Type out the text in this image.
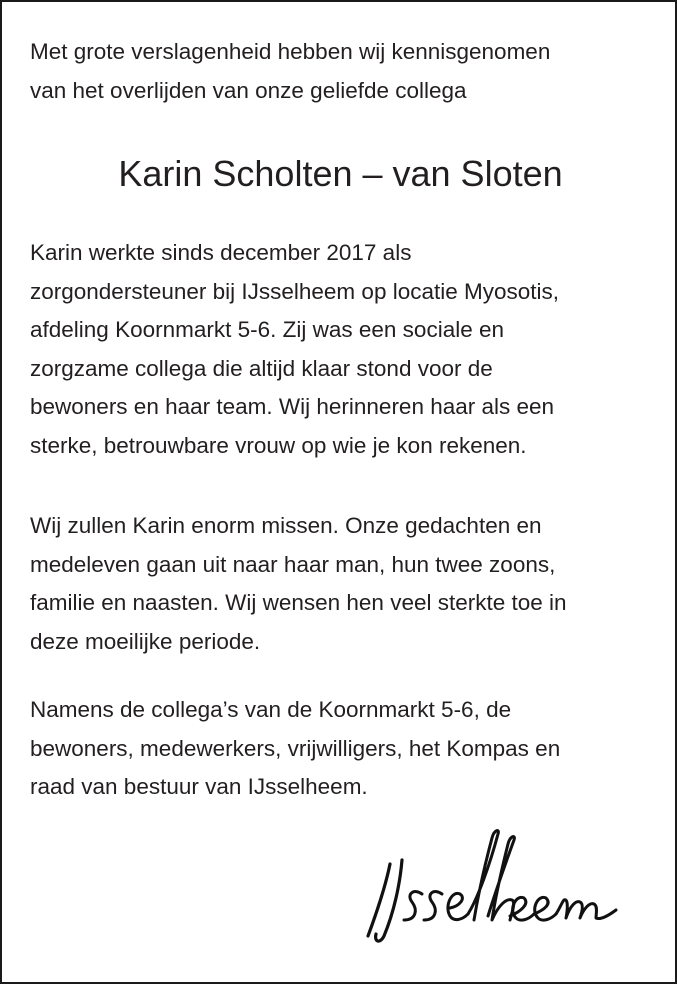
Met grote verslagenheid hebben wij kennisgenomen
van het overlijden van onze geliefde collega

Karin Scholten – van Sloten

Karin werkte sinds december 2017 als
zorgondersteuner bij IJsselheem op locatie Myosotis,
afdeling Koornmarkt 5-6. Zij was een sociale en
zorgzame collega die altijd klaar stond voor de
bewoners en haar team. Wij herinneren haar als een
sterke, betrouwbare vrouw op wie je kon rekenen.

Wij zullen Karin enorm missen. Onze gedachten en
medeleven gaan uit naar haar man, hun twee zoons,
familie en naasten. Wij wensen hen veel sterkte toe in
deze moeilijke periode.

Namens de collega’s van de Koornmarkt 5-6, de
bewoners, medewerkers, vrijwilligers, het Kompas en
raad van bestuur van IJsselheem.
